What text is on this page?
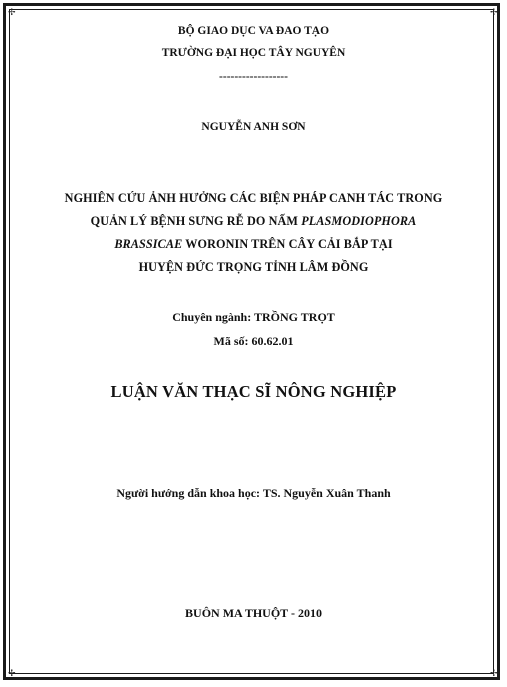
✢	✢
✢	✢
BỘ GIAO DỤC VA ĐAO TẠO
TRƯỜNG ĐẠI HỌC TÂY NGUYÊN
------------------
NGUYỄN ANH SƠN
NGHIÊN CỨU ẢNH HƯỞNG CÁC BIỆN PHÁP CANH TÁC TRONG
QUẢN LÝ BỆNH SƯNG RỄ DO NẤM PLASMODIOPHORA
BRASSICAE WORONIN TRÊN CÂY CẢI BẮP TẠI
HUYỆN ĐỨC TRỌNG TỈNH LÂM ĐỒNG
Chuyên ngành: TRỒNG TRỌT
Mã số: 60.62.01
LUẬN VĂN THẠC SĨ NÔNG NGHIỆP
Người hướng dẫn khoa học: TS. Nguyễn Xuân Thanh
BUÔN MA THUỘT - 2010
